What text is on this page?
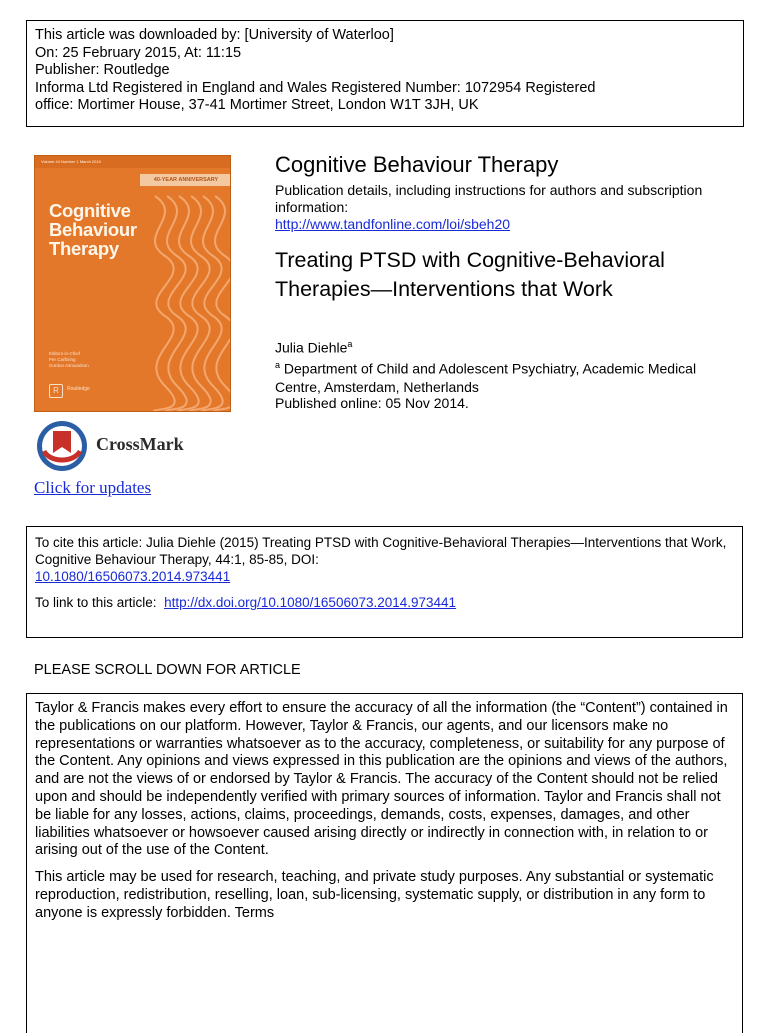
This article was downloaded by: [University of Waterloo]
On: 25 February 2015, At: 11:15
Publisher: Routledge
Informa Ltd Registered in England and Wales Registered Number: 1072954 Registered
office: Mortimer House, 37-41 Mortimer Street, London W1T 3JH, UK
Volume 44 Number 1 March 2015
40-YEAR ANNIVERSARY
Cognitive
Behaviour
Therapy
Editors-in-Chief
Per Carlbring
Gordon Asmundson
R	Routledge
Cognitive Behaviour Therapy
Publication details, including instructions for authors and subscription information:
http://www.tandfonline.com/loi/sbeh20
Treating PTSD with Cognitive-Behavioral Therapies—Interventions that Work
Julia Diehle$^a$
$^a$ Department of Child and Adolescent Psychiatry, Academic Medical Centre, Amsterdam, Netherlands
Published online: 05 Nov 2014.
CrossMark
Click for updates
To cite this article: Julia Diehle (2015) Treating PTSD with Cognitive-Behavioral Therapies—Interventions that Work, Cognitive Behaviour Therapy, 44:1, 85-85, DOI:
10.1080/16506073.2014.973441
To link to this article: http://dx.doi.org/10.1080/16506073.2014.973441
PLEASE SCROLL DOWN FOR ARTICLE

Taylor & Francis makes every effort to ensure the accuracy of all the information (the “Content”) contained in the publications on our platform. However, Taylor & Francis, our agents, and our licensors make no representations or warranties whatsoever as to the accuracy, completeness, or suitability for any purpose of the Content. Any opinions and views expressed in this publication are the opinions and views of the authors, and are not the views of or endorsed by Taylor & Francis. The accuracy of the Content should not be relied upon and should be independently verified with primary sources of information. Taylor and Francis shall not be liable for any losses, actions, claims, proceedings, demands, costs, expenses, damages, and other liabilities whatsoever or howsoever caused arising directly or indirectly in connection with, in relation to or arising out of the use of the Content.

This article may be used for research, teaching, and private study purposes. Any substantial or systematic reproduction, redistribution, reselling, loan, sub-licensing, systematic supply, or distribution in any form to anyone is expressly forbidden. Terms
